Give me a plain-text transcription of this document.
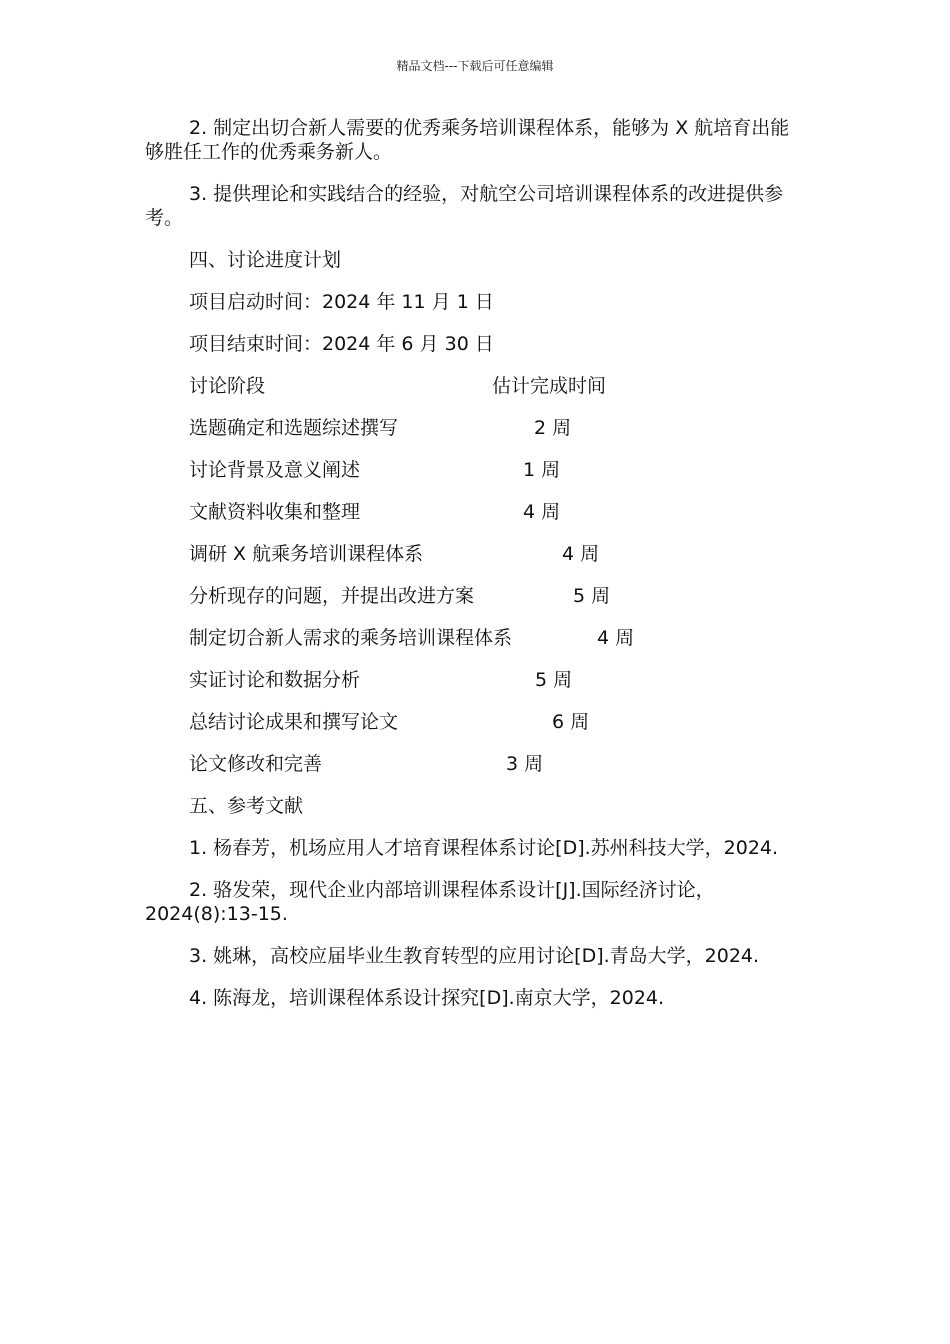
精品文档---下载后可任意编辑

2. 制定出切合新人需要的优秀乘务培训课程体系，能够为 X 航培育出能够胜任工作的优秀乘务新人。

3. 提供理论和实践结合的经验，对航空公司培训课程体系的改进提供参考。

四、讨论进度计划
项目启动时间：2024 年 11 月 1 日
项目结束时间：2024 年 6 月 30 日
讨论阶段	估计完成时间
选题确定和选题综述撰写	2 周
讨论背景及意义阐述	1 周
文献资料收集和整理	4 周
调研 X 航乘务培训课程体系	4 周
分析现存的问题，并提出改进方案	5 周
制定切合新人需求的乘务培训课程体系	4 周
实证讨论和数据分析	5 周
总结讨论成果和撰写论文	6 周
论文修改和完善	3 周
五、参考文献

1. 杨春芳，机场应用人才培育课程体系讨论[D].苏州科技大学，2024.

2. 骆发荣，现代企业内部培训课程体系设计[J].国际经济讨论，2024(8):13-15.

3. 姚琳，高校应届毕业生教育转型的应用讨论[D].青岛大学，2024.

4. 陈海龙，培训课程体系设计探究[D].南京大学，2024.
